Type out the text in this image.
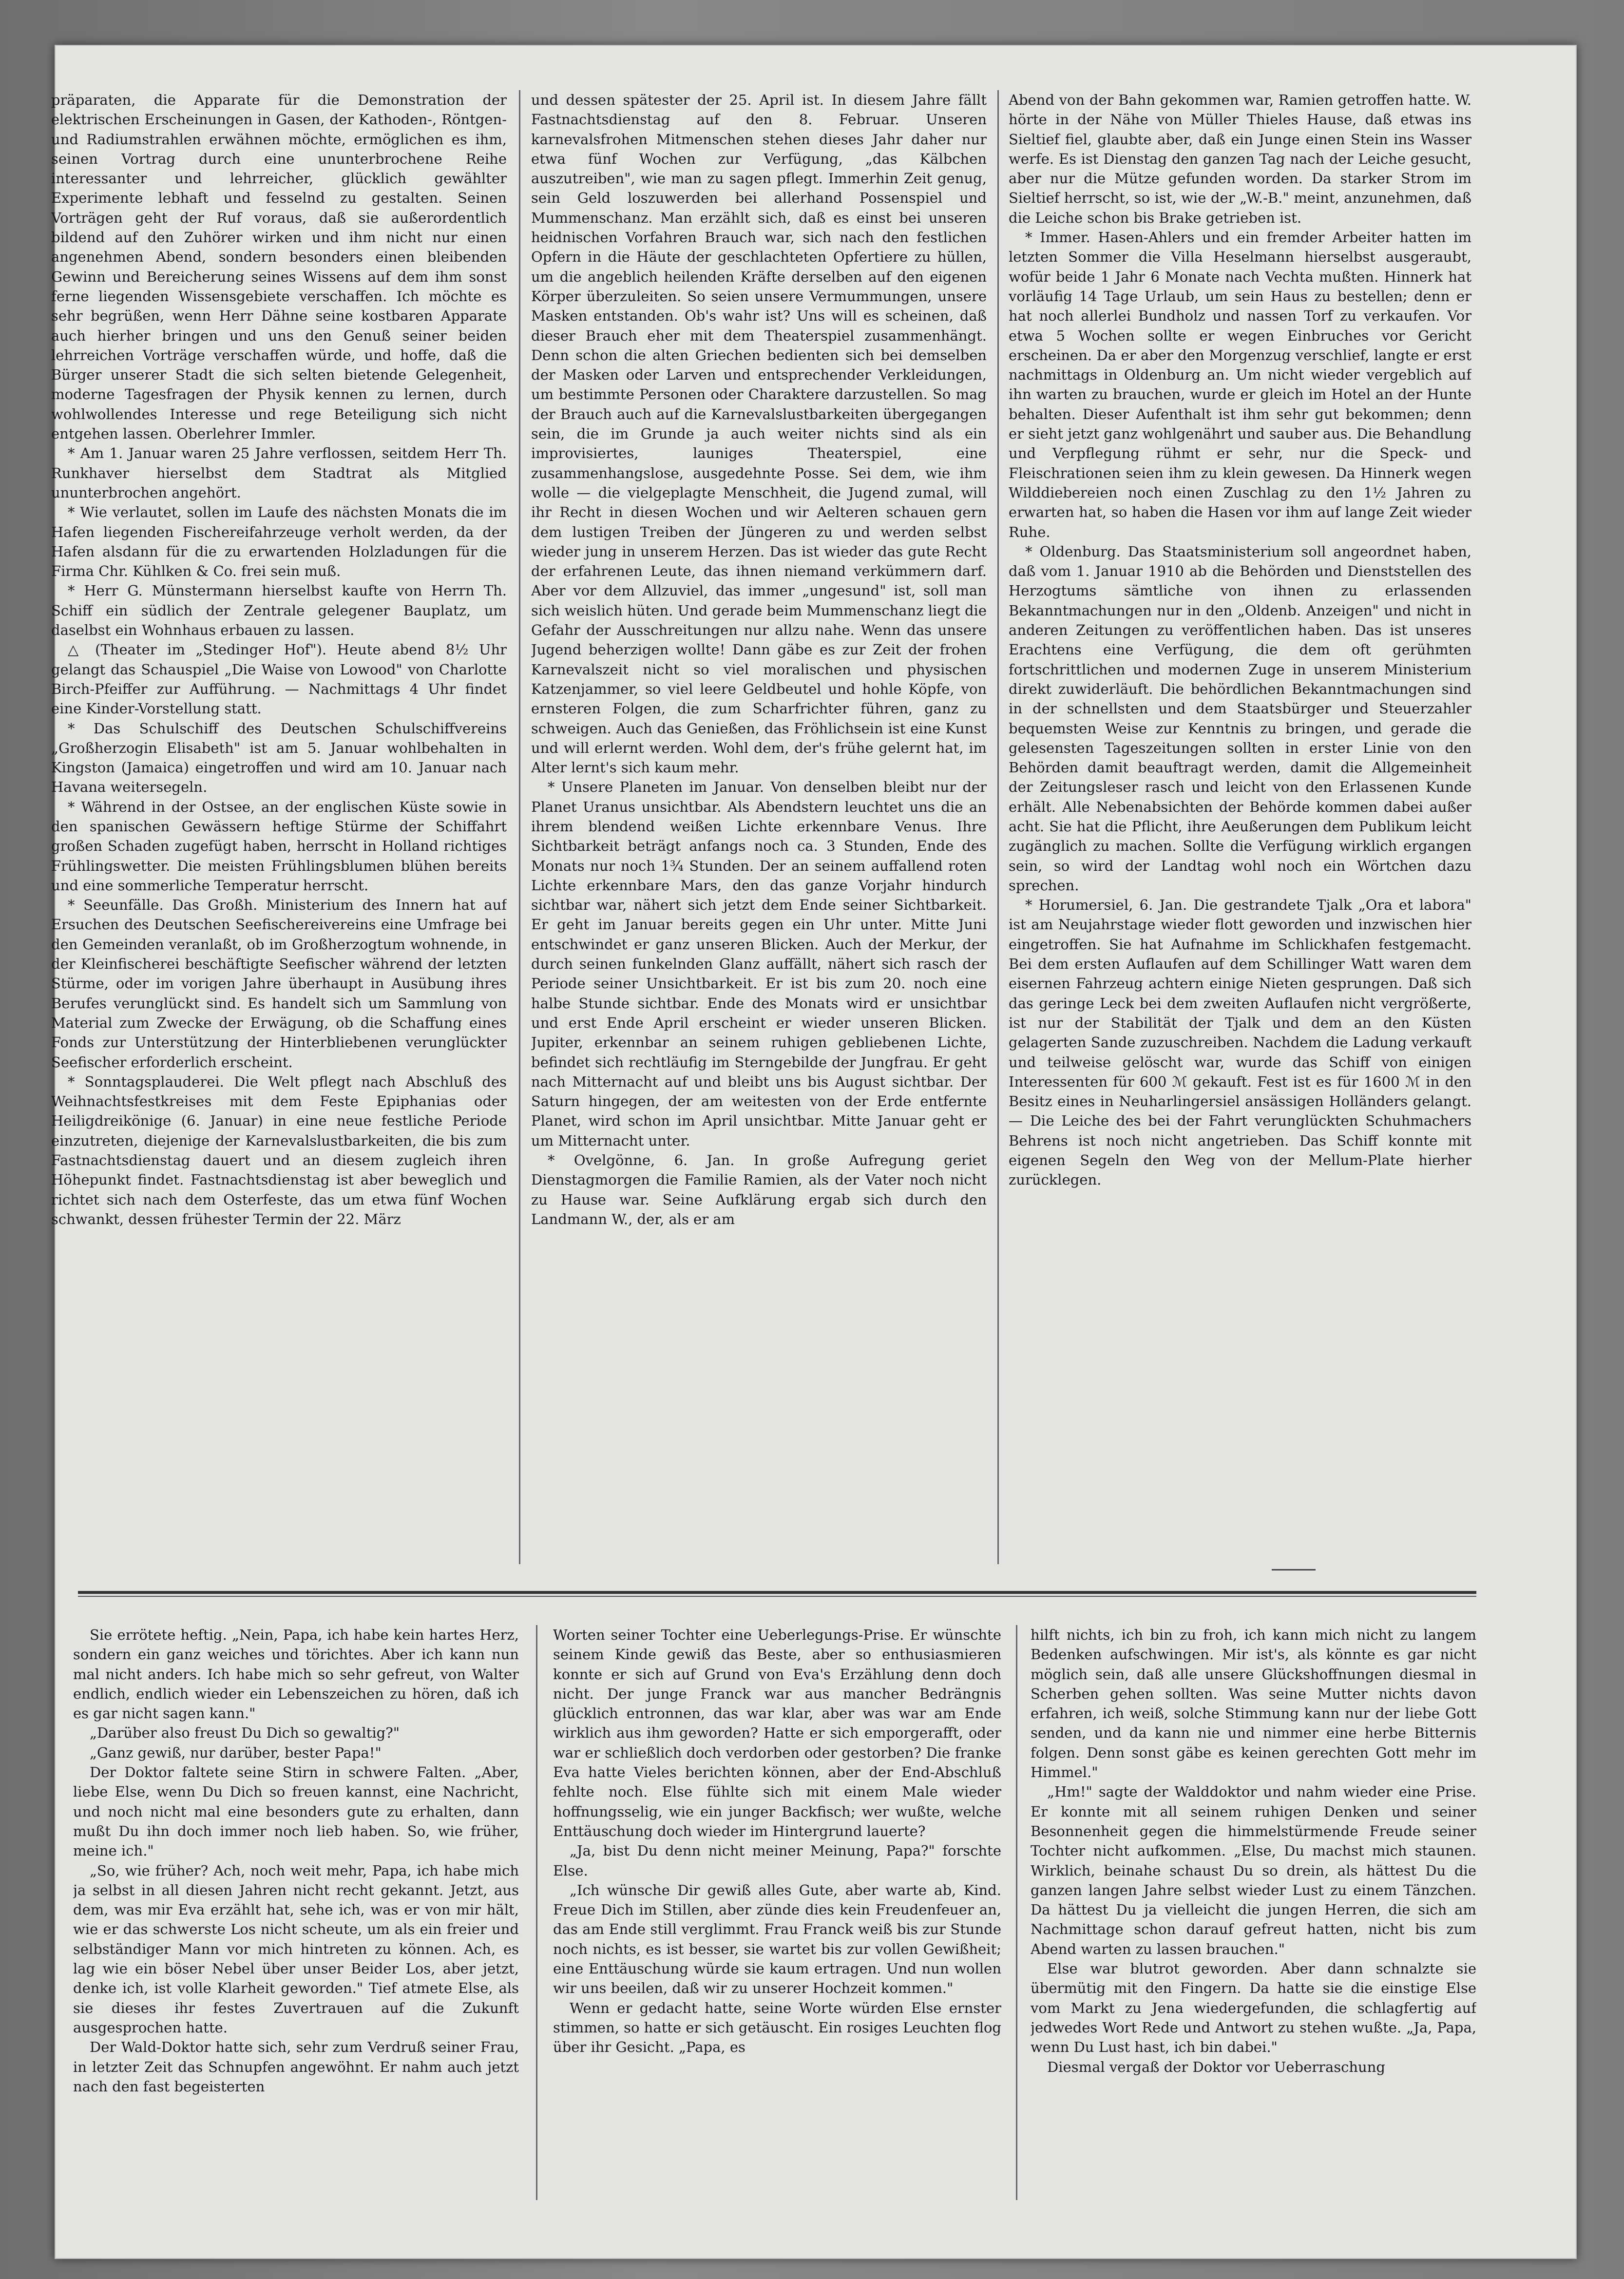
präparaten, die Apparate für die Demonstration der elektrischen Erscheinungen in Gasen, der Kathoden-, Röntgen- und Radiumstrahlen erwähnen möchte, ermöglichen es ihm, seinen Vortrag durch eine ununterbrochene Reihe interessanter und lehrreicher, glücklich gewählter Experimente lebhaft und fesselnd zu gestalten. Seinen Vorträgen geht der Ruf voraus, daß sie außerordentlich bildend auf den Zuhörer wirken und ihm nicht nur einen angenehmen Abend, sondern besonders einen bleibenden Gewinn und Bereicherung seines Wissens auf dem ihm sonst ferne liegenden Wissensgebiete verschaffen. Ich möchte es sehr begrüßen, wenn Herr Dähne seine kostbaren Apparate auch hierher bringen und uns den Genuß seiner beiden lehrreichen Vorträge verschaffen würde, und hoffe, daß die Bürger unserer Stadt die sich selten bietende Gelegenheit, moderne Tagesfragen der Physik kennen zu lernen, durch wohlwollendes Interesse und rege Beteiligung sich nicht entgehen lassen. Oberlehrer Immler.

* Am 1. Januar waren 25 Jahre verflossen, seitdem Herr Th. Runkhaver hierselbst dem Stadtrat als Mitglied ununterbrochen angehört.

* Wie verlautet, sollen im Laufe des nächsten Monats die im Hafen liegenden Fischereifahrzeuge verholt werden, da der Hafen alsdann für die zu erwartenden Holzladungen für die Firma Chr. Kühlken & Co. frei sein muß.

* Herr G. Münstermann hierselbst kaufte von Herrn Th. Schiff ein südlich der Zentrale gelegener Bauplatz, um daselbst ein Wohnhaus erbauen zu lassen.

△ (Theater im „Stedinger Hof"). Heute abend 8½ Uhr gelangt das Schauspiel „Die Waise von Lowood" von Charlotte Birch-Pfeiffer zur Aufführung. — Nachmittags 4 Uhr findet eine Kinder-Vorstellung statt.

* Das Schulschiff des Deutschen Schulschiffvereins „Großherzogin Elisabeth" ist am 5. Januar wohlbehalten in Kingston (Jamaica) eingetroffen und wird am 10. Januar nach Havana weitersegeln.

* Während in der Ostsee, an der englischen Küste sowie in den spanischen Gewässern heftige Stürme der Schiffahrt großen Schaden zugefügt haben, herrscht in Holland richtiges Frühlingswetter. Die meisten Frühlingsblumen blühen bereits und eine sommerliche Temperatur herrscht.

* Seeunfälle. Das Großh. Ministerium des Innern hat auf Ersuchen des Deutschen Seefischereivereins eine Umfrage bei den Gemeinden veranlaßt, ob im Großherzogtum wohnende, in der Kleinfischerei beschäftigte Seefischer während der letzten Stürme, oder im vorigen Jahre überhaupt in Ausübung ihres Berufes verunglückt sind. Es handelt sich um Sammlung von Material zum Zwecke der Erwägung, ob die Schaffung eines Fonds zur Unterstützung der Hinterbliebenen verunglückter Seefischer erforderlich erscheint.

* Sonntagsplauderei. Die Welt pflegt nach Abschluß des Weihnachtsfestkreises mit dem Feste Epiphanias oder Heiligdreikönige (6. Januar) in eine neue festliche Periode einzutreten, diejenige der Karnevalslustbarkeiten, die bis zum Fastnachtsdienstag dauert und an diesem zugleich ihren Höhepunkt findet. Fastnachtsdienstag ist aber beweglich und richtet sich nach dem Osterfeste, das um etwa fünf Wochen schwankt, dessen frühester Termin der 22. März

und dessen spätester der 25. April ist. In diesem Jahre fällt Fastnachtsdienstag auf den 8. Februar. Unseren karnevalsfrohen Mitmenschen stehen dieses Jahr daher nur etwa fünf Wochen zur Verfügung, „das Kälbchen auszutreiben", wie man zu sagen pflegt. Immerhin Zeit genug, sein Geld loszuwerden bei allerhand Possenspiel und Mummenschanz. Man erzählt sich, daß es einst bei unseren heidnischen Vorfahren Brauch war, sich nach den festlichen Opfern in die Häute der geschlachteten Opfertiere zu hüllen, um die angeblich heilenden Kräfte derselben auf den eigenen Körper überzuleiten. So seien unsere Vermummungen, unsere Masken entstanden. Ob's wahr ist? Uns will es scheinen, daß dieser Brauch eher mit dem Theaterspiel zusammenhängt. Denn schon die alten Griechen bedienten sich bei demselben der Masken oder Larven und entsprechender Verkleidungen, um bestimmte Personen oder Charaktere darzustellen. So mag der Brauch auch auf die Karnevalslustbarkeiten übergegangen sein, die im Grunde ja auch weiter nichts sind als ein improvisiertes, launiges Theaterspiel, eine zusammenhangslose, ausgedehnte Posse. Sei dem, wie ihm wolle — die vielgeplagte Menschheit, die Jugend zumal, will ihr Recht in diesen Wochen und wir Aelteren schauen gern dem lustigen Treiben der Jüngeren zu und werden selbst wieder jung in unserem Herzen. Das ist wieder das gute Recht der erfahrenen Leute, das ihnen niemand verkümmern darf. Aber vor dem Allzuviel, das immer „ungesund" ist, soll man sich weislich hüten. Und gerade beim Mummenschanz liegt die Gefahr der Ausschreitungen nur allzu nahe. Wenn das unsere Jugend beherzigen wollte! Dann gäbe es zur Zeit der frohen Karnevalszeit nicht so viel moralischen und physischen Katzenjammer, so viel leere Geldbeutel und hohle Köpfe, von ernsteren Folgen, die zum Scharfrichter führen, ganz zu schweigen. Auch das Genießen, das Fröhlichsein ist eine Kunst und will erlernt werden. Wohl dem, der's frühe gelernt hat, im Alter lernt's sich kaum mehr.

* Unsere Planeten im Januar. Von denselben bleibt nur der Planet Uranus unsichtbar. Als Abendstern leuchtet uns die an ihrem blendend weißen Lichte erkennbare Venus. Ihre Sichtbarkeit beträgt anfangs noch ca. 3 Stunden, Ende des Monats nur noch 1¾ Stunden. Der an seinem auffallend roten Lichte erkennbare Mars, den das ganze Vorjahr hindurch sichtbar war, nähert sich jetzt dem Ende seiner Sichtbarkeit. Er geht im Januar bereits gegen ein Uhr unter. Mitte Juni entschwindet er ganz unseren Blicken. Auch der Merkur, der durch seinen funkelnden Glanz auffällt, nähert sich rasch der Periode seiner Unsichtbarkeit. Er ist bis zum 20. noch eine halbe Stunde sichtbar. Ende des Monats wird er unsichtbar und erst Ende April erscheint er wieder unseren Blicken. Jupiter, erkennbar an seinem ruhigen gebliebenen Lichte, befindet sich rechtläufig im Sterngebilde der Jungfrau. Er geht nach Mitternacht auf und bleibt uns bis August sichtbar. Der Saturn hingegen, der am weitesten von der Erde entfernte Planet, wird schon im April unsichtbar. Mitte Januar geht er um Mitternacht unter.

* Ovelgönne, 6. Jan. In große Aufregung geriet Dienstagmorgen die Familie Ramien, als der Vater noch nicht zu Hause war. Seine Aufklärung ergab sich durch den Landmann W., der, als er am

Abend von der Bahn gekommen war, Ramien getroffen hatte. W. hörte in der Nähe von Müller Thieles Hause, daß etwas ins Sieltief fiel, glaubte aber, daß ein Junge einen Stein ins Wasser werfe. Es ist Dienstag den ganzen Tag nach der Leiche gesucht, aber nur die Mütze gefunden worden. Da starker Strom im Sieltief herrscht, so ist, wie der „W.-B." meint, anzunehmen, daß die Leiche schon bis Brake getrieben ist.

* Immer. Hasen-Ahlers und ein fremder Arbeiter hatten im letzten Sommer die Villa Heselmann hierselbst ausgeraubt, wofür beide 1 Jahr 6 Monate nach Vechta mußten. Hinnerk hat vorläufig 14 Tage Urlaub, um sein Haus zu bestellen; denn er hat noch allerlei Bundholz und nassen Torf zu verkaufen. Vor etwa 5 Wochen sollte er wegen Einbruches vor Gericht erscheinen. Da er aber den Morgenzug verschlief, langte er erst nachmittags in Oldenburg an. Um nicht wieder vergeblich auf ihn warten zu brauchen, wurde er gleich im Hotel an der Hunte behalten. Dieser Aufenthalt ist ihm sehr gut bekommen; denn er sieht jetzt ganz wohlgenährt und sauber aus. Die Behandlung und Verpflegung rühmt er sehr, nur die Speck- und Fleischrationen seien ihm zu klein gewesen. Da Hinnerk wegen Wilddiebereien noch einen Zuschlag zu den 1½ Jahren zu erwarten hat, so haben die Hasen vor ihm auf lange Zeit wieder Ruhe.

* Oldenburg. Das Staatsministerium soll angeordnet haben, daß vom 1. Januar 1910 ab die Behörden und Dienststellen des Herzogtums sämtliche von ihnen zu erlassenden Bekanntmachungen nur in den „Oldenb. Anzeigen" und nicht in anderen Zeitungen zu veröffentlichen haben. Das ist unseres Erachtens eine Verfügung, die dem oft gerühmten fortschrittlichen und modernen Zuge in unserem Ministerium direkt zuwiderläuft. Die behördlichen Bekanntmachungen sind in der schnellsten und dem Staatsbürger und Steuerzahler bequemsten Weise zur Kenntnis zu bringen, und gerade die gelesensten Tageszeitungen sollten in erster Linie von den Behörden damit beauftragt werden, damit die Allgemeinheit der Zeitungsleser rasch und leicht von den Erlassenen Kunde erhält. Alle Nebenabsichten der Behörde kommen dabei außer acht. Sie hat die Pflicht, ihre Aeußerungen dem Publikum leicht zugänglich zu machen. Sollte die Verfügung wirklich ergangen sein, so wird der Landtag wohl noch ein Wörtchen dazu sprechen.

* Horumersiel, 6. Jan. Die gestrandete Tjalk „Ora et labora" ist am Neujahrstage wieder flott geworden und inzwischen hier eingetroffen. Sie hat Aufnahme im Schlickhafen festgemacht. Bei dem ersten Auflaufen auf dem Schillinger Watt waren dem eisernen Fahrzeug achtern einige Nieten gesprungen. Daß sich das geringe Leck bei dem zweiten Auflaufen nicht vergrößerte, ist nur der Stabilität der Tjalk und dem an den Küsten gelagerten Sande zuzuschreiben. Nachdem die Ladung verkauft und teilweise gelöscht war, wurde das Schiff von einigen Interessenten für 600 ℳ gekauft. Fest ist es für 1600 ℳ in den Besitz eines in Neuharlingersiel ansässigen Holländers gelangt. — Die Leiche des bei der Fahrt verunglückten Schuhmachers Behrens ist noch nicht angetrieben. Das Schiff konnte mit eigenen Segeln den Weg von der Mellum-Plate hierher zurücklegen.

Sie errötete heftig. „Nein, Papa, ich habe kein hartes Herz, sondern ein ganz weiches und törichtes. Aber ich kann nun mal nicht anders. Ich habe mich so sehr gefreut, von Walter endlich, endlich wieder ein Lebenszeichen zu hören, daß ich es gar nicht sagen kann."

„Darüber also freust Du Dich so gewaltig?"

„Ganz gewiß, nur darüber, bester Papa!"

Der Doktor faltete seine Stirn in schwere Falten. „Aber, liebe Else, wenn Du Dich so freuen kannst, eine Nachricht, und noch nicht mal eine besonders gute zu erhalten, dann mußt Du ihn doch immer noch lieb haben. So, wie früher, meine ich."

„So, wie früher? Ach, noch weit mehr, Papa, ich habe mich ja selbst in all diesen Jahren nicht recht gekannt. Jetzt, aus dem, was mir Eva erzählt hat, sehe ich, was er von mir hält, wie er das schwerste Los nicht scheute, um als ein freier und selbständiger Mann vor mich hintreten zu können. Ach, es lag wie ein böser Nebel über unser Beider Los, aber jetzt, denke ich, ist volle Klarheit geworden." Tief atmete Else, als sie dieses ihr festes Zuvertrauen auf die Zukunft ausgesprochen hatte.

Der Wald-Doktor hatte sich, sehr zum Verdruß seiner Frau, in letzter Zeit das Schnupfen angewöhnt. Er nahm auch jetzt nach den fast begeisterten

Worten seiner Tochter eine Ueberlegungs-Prise. Er wünschte seinem Kinde gewiß das Beste, aber so enthusiasmieren konnte er sich auf Grund von Eva's Erzählung denn doch nicht. Der junge Franck war aus mancher Bedrängnis glücklich entronnen, das war klar, aber was war am Ende wirklich aus ihm geworden? Hatte er sich emporgerafft, oder war er schließlich doch verdorben oder gestorben? Die franke Eva hatte Vieles berichten können, aber der End-Abschluß fehlte noch. Else fühlte sich mit einem Male wieder hoffnungsselig, wie ein junger Backfisch; wer wußte, welche Enttäuschung doch wieder im Hintergrund lauerte?

„Ja, bist Du denn nicht meiner Meinung, Papa?" forschte Else.

„Ich wünsche Dir gewiß alles Gute, aber warte ab, Kind. Freue Dich im Stillen, aber zünde dies kein Freudenfeuer an, das am Ende still verglimmt. Frau Franck weiß bis zur Stunde noch nichts, es ist besser, sie wartet bis zur vollen Gewißheit; eine Enttäuschung würde sie kaum ertragen. Und nun wollen wir uns beeilen, daß wir zu unserer Hochzeit kommen."

Wenn er gedacht hatte, seine Worte würden Else ernster stimmen, so hatte er sich getäuscht. Ein rosiges Leuchten flog über ihr Gesicht. „Papa, es

hilft nichts, ich bin zu froh, ich kann mich nicht zu langem Bedenken aufschwingen. Mir ist's, als könnte es gar nicht möglich sein, daß alle unsere Glückshoffnungen diesmal in Scherben gehen sollten. Was seine Mutter nichts davon erfahren, ich weiß, solche Stimmung kann nur der liebe Gott senden, und da kann nie und nimmer eine herbe Bitternis folgen. Denn sonst gäbe es keinen gerechten Gott mehr im Himmel."

„Hm!" sagte der Walddoktor und nahm wieder eine Prise. Er konnte mit all seinem ruhigen Denken und seiner Besonnenheit gegen die himmelstürmende Freude seiner Tochter nicht aufkommen. „Else, Du machst mich staunen. Wirklich, beinahe schaust Du so drein, als hättest Du die ganzen langen Jahre selbst wieder Lust zu einem Tänzchen. Da hättest Du ja vielleicht die jungen Herren, die sich am Nachmittage schon darauf gefreut hatten, nicht bis zum Abend warten zu lassen brauchen."

Else war blutrot geworden. Aber dann schnalzte sie übermütig mit den Fingern. Da hatte sie die einstige Else vom Markt zu Jena wiedergefunden, die schlagfertig auf jedwedes Wort Rede und Antwort zu stehen wußte. „Ja, Papa, wenn Du Lust hast, ich bin dabei."

Diesmal vergaß der Doktor vor Ueberraschung
